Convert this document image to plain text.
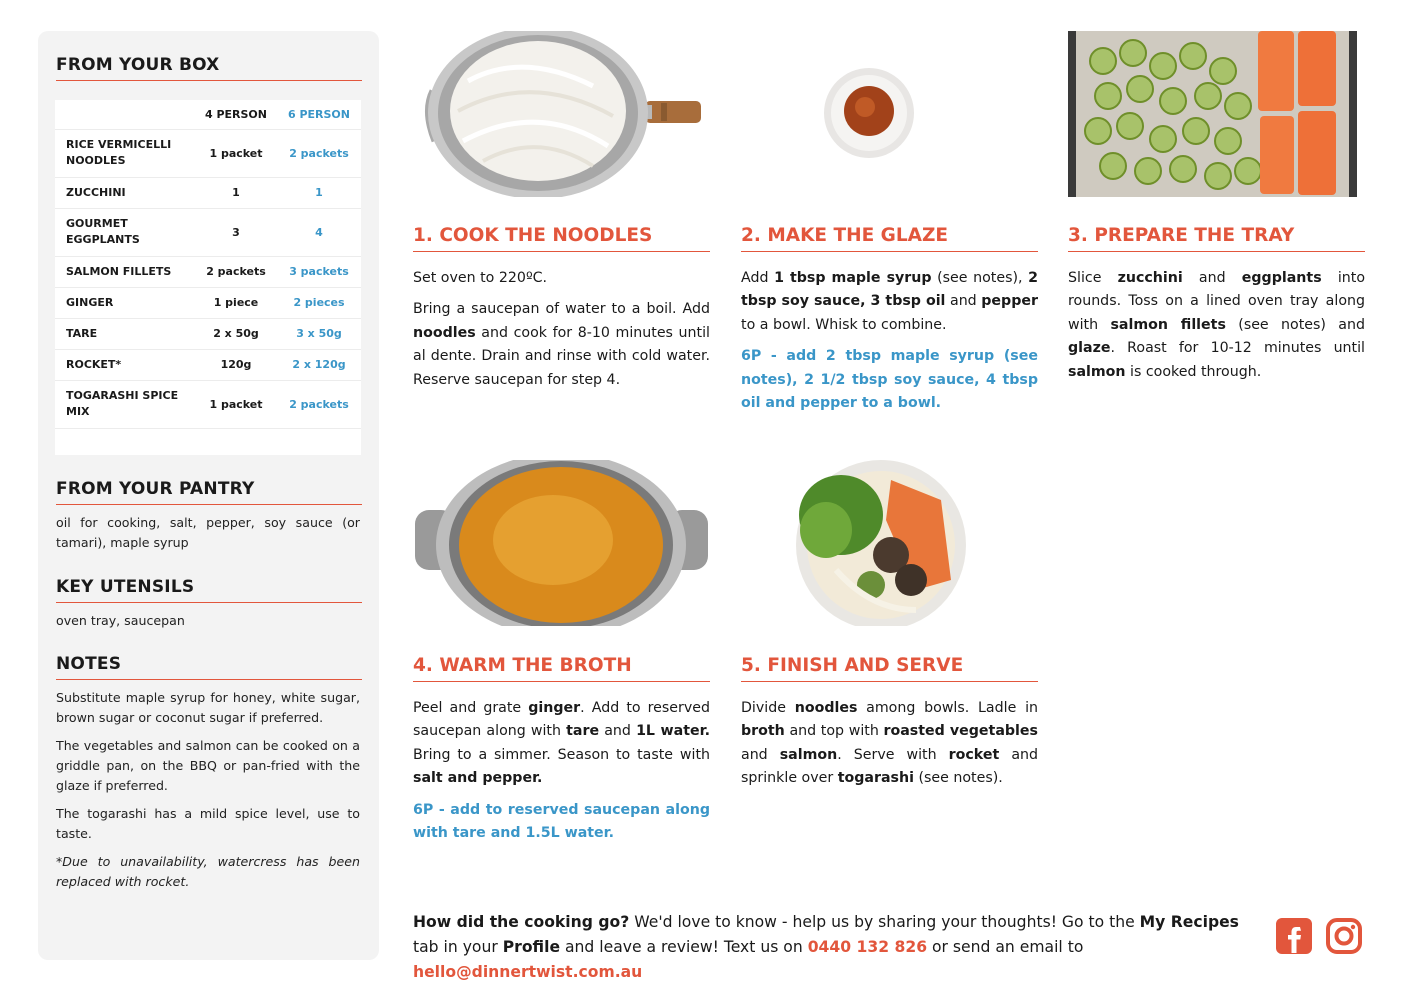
FROM YOUR BOX
	4 PERSON	6 PERSON
RICE VERMICELLI NOODLES	1 packet	2 packets
ZUCCHINI	1	1
GOURMET EGGPLANTS	3	4
SALMON FILLETS	2 packets	3 packets
GINGER	1 piece	2 pieces
TARE	2 x 50g	3 x 50g
ROCKET*	120g	2 x 120g
TOGARASHI SPICE MIX	1 packet	2 packets
FROM YOUR PANTRY
oil for cooking, salt, pepper, soy sauce (or tamari), maple syrup
KEY UTENSILS
oven tray, saucepan
NOTES

Substitute maple syrup for honey, white sugar, brown sugar or coconut sugar if preferred.

The vegetables and salmon can be cooked on a griddle pan, on the BBQ or pan-fried with the glaze if preferred.

The togarashi has a mild spice level, use to taste.

*Due to unavailability, watercress has been replaced with rocket.

1. COOK THE NOODLES

Set oven to 220ºC.

Bring a saucepan of water to a boil. Add noodles and cook for 8-10 minutes until al dente. Drain and rinse with cold water. Reserve saucepan for step 4.

2. MAKE THE GLAZE

Add 1 tbsp maple syrup (see notes), 2 tbsp soy sauce, 3 tbsp oil and pepper to a bowl. Whisk to combine.

6P - add 2 tbsp maple syrup (see notes), 2 1/2 tbsp soy sauce, 4 tbsp oil and pepper to a bowl.

3. PREPARE THE TRAY

Slice zucchini and eggplants into rounds. Toss on a lined oven tray along with salmon fillets (see notes) and glaze. Roast for 10-12 minutes until salmon is cooked through.

4. WARM THE BROTH

Peel and grate ginger. Add to reserved saucepan along with tare and 1L water. Bring to a simmer. Season to taste with salt and pepper.

6P - add to reserved saucepan along with tare and 1.5L water.

5. FINISH AND SERVE

Divide noodles among bowls. Ladle in broth and top with roasted vegetables and salmon. Serve with rocket and sprinkle over togarashi (see notes).

How did the cooking go? We'd love to know - help us by sharing your thoughts! Go to the My Recipes tab in your Profile and leave a review! Text us on 0440 132 826 or send an email to hello@dinnertwist.com.au
